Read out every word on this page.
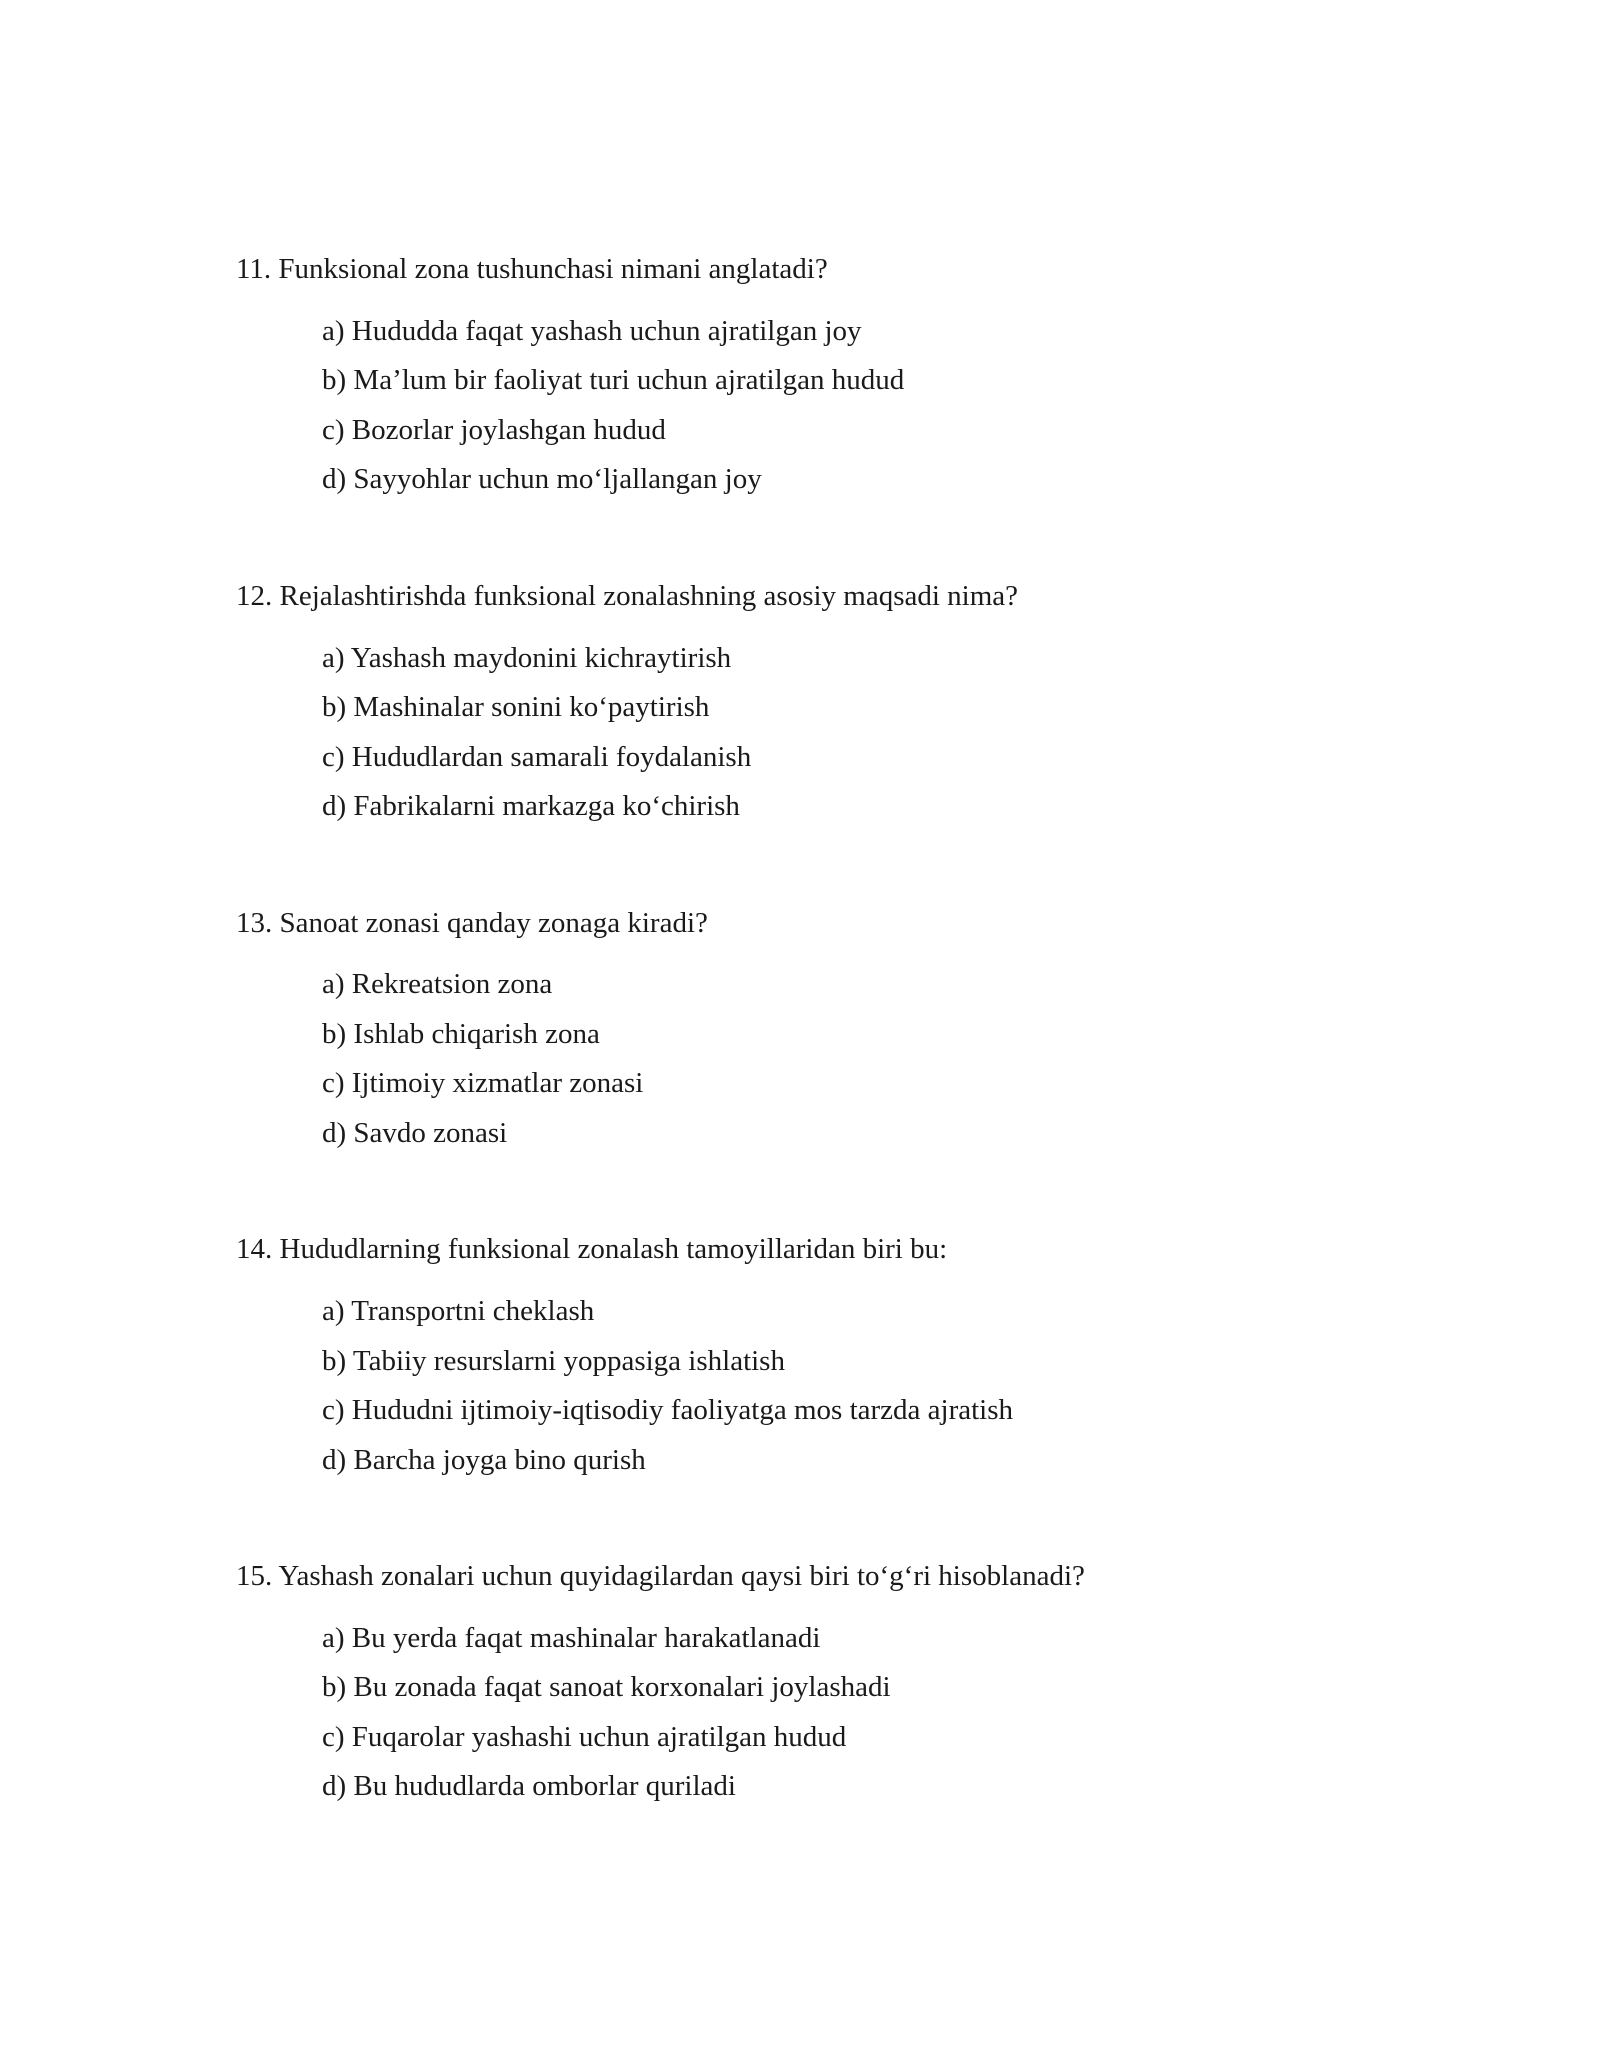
11. Funksional zona tushunchasi nimani anglatadi?

a) Hududda faqat yashash uchun ajratilgan joy
b) Ma’lum bir faoliyat turi uchun ajratilgan hudud
c) Bozorlar joylashgan hudud
d) Sayyohlar uchun mo‘ljallangan joy

12. Rejalashtirishda funksional zonalashning asosiy maqsadi nima?

a) Yashash maydonini kichraytirish
b) Mashinalar sonini ko‘paytirish
c) Hududlardan samarali foydalanish
d) Fabrikalarni markazga ko‘chirish

13. Sanoat zonasi qanday zonaga kiradi?

a) Rekreatsion zona
b) Ishlab chiqarish zona
c) Ijtimoiy xizmatlar zonasi
d) Savdo zonasi

14. Hududlarning funksional zonalash tamoyillaridan biri bu:

a) Transportni cheklash
b) Tabiiy resurslarni yoppasiga ishlatish
c) Hududni ijtimoiy-iqtisodiy faoliyatga mos tarzda ajratish
d) Barcha joyga bino qurish

15. Yashash zonalari uchun quyidagilardan qaysi biri to‘g‘ri hisoblanadi?

a) Bu yerda faqat mashinalar harakatlanadi
b) Bu zonada faqat sanoat korxonalari joylashadi
c) Fuqarolar yashashi uchun ajratilgan hudud
d) Bu hududlarda omborlar quriladi
